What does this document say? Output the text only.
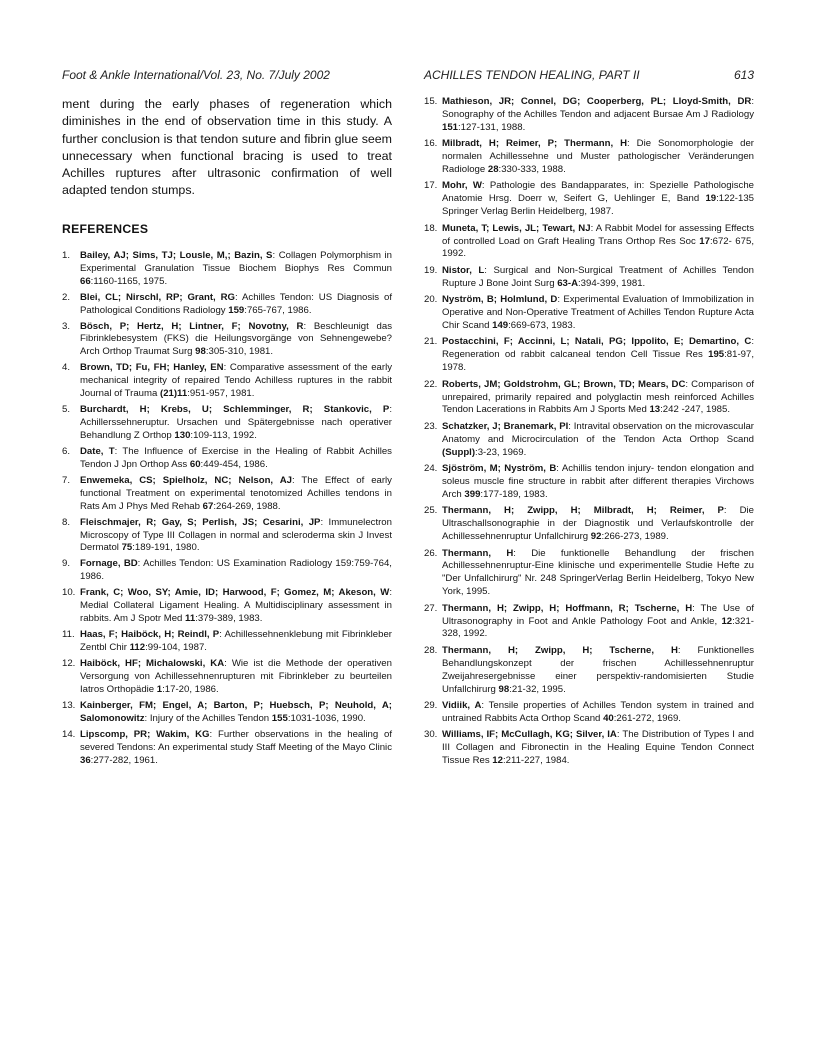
Foot & Ankle International/Vol. 23, No. 7/July 2002	ACHILLES TENDON HEALING, PART II	613

ment during the early phases of regeneration which diminishes in the end of observation time in this study. A further conclusion is that tendon suture and fibrin glue seem unnecessary when functional bracing is used to treat Achilles ruptures after ultrasonic confirmation of well adapted tendon stumps.

REFERENCES
1.	Bailey, AJ; Sims, TJ; Lousle, M,; Bazin, S: Collagen Polymorphism in Experimental Granulation Tissue Biochem Biophys Res Commun 66:1160-1165, 1975.
2.	Blei, CL; Nirschl, RP; Grant, RG: Achilles Tendon: US Diagnosis of Pathological Conditions Radiology 159:765-767, 1986.
3.	Bösch, P; Hertz, H; Lintner, F; Novotny, R: Beschleunigt das Fibrinklebesystem (FKS) die Heilungsvorgänge von Sehnengewebe? Arch Orthop Traumat Surg 98:305-310, 1981.
4.	Brown, TD; Fu, FH; Hanley, EN: Comparative assessment of the early mechanical integrity of repaired Tendo Achilless ruptures in the rabbit Journal of Trauma (21)11:951-957, 1981.
5.	Burchardt, H; Krebs, U; Schlemminger, R; Stankovic, P: Achillerssehneruptur. Ursachen und Spätergebnisse nach operativer Behandlung Z Orthop 130:109-113, 1992.
6.	Date, T: The Influence of Exercise in the Healing of Rabbit Achilles Tendon J Jpn Orthop Ass 60:449-454, 1986.
7.	Enwemeka, CS; Spielholz, NC; Nelson, AJ: The Effect of early functional Treatment on experimental tenotomized Achilles tendons in Rats Am J Phys Med Rehab 67:264-269, 1988.
8.	Fleischmajer, R; Gay, S; Perlish, JS; Cesarini, JP: Immunelectron Microscopy of Type III Collagen in normal and scleroderma skin J Invest Dermatol 75:189-191, 1980.
9.	Fornage, BD: Achilles Tendon: US Examination Radiology 159:759-764, 1986.
10. Frank, C; Woo, SY; Amie, ID; Harwood, F; Gomez, M; Akeson, W: Medial Collateral Ligament Healing. A Multidisciplinary assessment in rabbits. Am J Spotr Med 11:379-389, 1983.
11. Haas, F; Haiböck, H; Reindl, P: Achillessehnenklebung mit Fibrinkleber Zentbl Chir 112:99-104, 1987.
12. Haiböck, HF; Michalowski, KA: Wie ist die Methode der operativen Versorgung von Achillessehnenrupturen mit Fibrinkleber zu beurteilen Iatros Orthopädie 1:17-20, 1986.
13. Kainberger, FM; Engel, A; Barton, P; Huebsch, P; Neuhold, A; Salomonowitz: Injury of the Achilles Tendon 155:1031-1036, 1990.
14. Lipscomp, PR; Wakim, KG: Further observations in the healing of severed Tendons: An experimental study Staff Meeting of the Mayo Clinic 36:277-282, 1961.
15. Mathieson, JR; Connel, DG; Cooperberg, PL; Lloyd-Smith, DR: Sonography of the Achilles Tendon and adjacent Bursae Am J Radiology 151:127-131, 1988.
16. Milbradt, H; Reimer, P; Thermann, H: Die Sonomorphologie der normalen Achillessehne und Muster pathologischer Veränderungen Radiologe 28:330-333, 1988.
17. Mohr, W: Pathologie des Bandapparates, in: Spezielle Pathologische Anatomie Hrsg. Doerr w, Seifert G, Uehlinger E, Band 19:122-135 Springer Verlag Berlin Heidelberg, 1987.
18. Muneta, T; Lewis, JL; Tewart, NJ: A Rabbit Model for assessing Effects of controlled Load on Graft Healing Trans Orthop Res Soc 17:672- 675, 1992.
19. Nistor, L: Surgical and Non-Surgical Treatment of Achilles Tendon Rupture J Bone Joint Surg 63-A:394-399, 1981.
20. Nyström, B; Holmlund, D: Experimental Evaluation of Immobilization in Operative and Non-Operative Treatment of Achilles Tendon Rupture Acta Chir Scand 149:669-673, 1983.
21. Postacchini, F; Accinni, L; Natali, PG; Ippolito, E; Demartino, C: Regeneration od rabbit calcaneal tendon Cell Tissue Res 195:81-97, 1978.
22. Roberts, JM; Goldstrohm, GL; Brown, TD; Mears, DC: Comparison of unrepaired, primarily repaired and polyglactin mesh reinforced Achilles Tendon Lacerations in Rabbits Am J Sports Med 13:242 -247, 1985.
23. Schatzker, J; Branemark, PI: Intravital observation on the microvascular Anatomy and Microcirculation of the Tendon Acta Orthop Scand (Suppl):3-23, 1969.
24. Sjöström, M; Nyström, B: Achillis tendon injury- tendon elongation and soleus muscle fine structure in rabbit after different therapies Virchows Arch 399:177-189, 1983.
25. Thermann, H; Zwipp, H; Milbradt, H; Reimer, P: Die Ultraschallsonographie in der Diagnostik und Verlaufskontrolle der Achillessehnenruptur Unfallchirurg 92:266-273, 1989.
26. Thermann, H: Die funktionelle Behandlung der frischen Achillessehnenruptur-Eine klinische und experimentelle Studie Hefte zu "Der Unfallchirurg" Nr. 248 SpringerVerlag Berlin Heidelberg, Tokyo New York, 1995.
27. Thermann, H; Zwipp, H; Hoffmann, R; Tscherne, H: The Use of Ultrasonography in Foot and Ankle Pathology Foot and Ankle, 12:321-328, 1992.
28. Thermann, H; Zwipp, H; Tscherne, H: Funktionelles Behandlungskonzept der frischen Achillessehnenruptur Zweijahresergebnisse einer perspektiv-randomisierten Studie Unfallchirurg 98:21-32, 1995.
29. Vidiik, A: Tensile properties of Achilles Tendon system in trained and untrained Rabbits Acta Orthop Scand 40:261-272, 1969.
30. Williams, IF; McCullagh, KG; Silver, IA: The Distribution of Types I and III Collagen and Fibronectin in the Healing Equine Tendon Connect Tissue Res 12:211-227, 1984.
